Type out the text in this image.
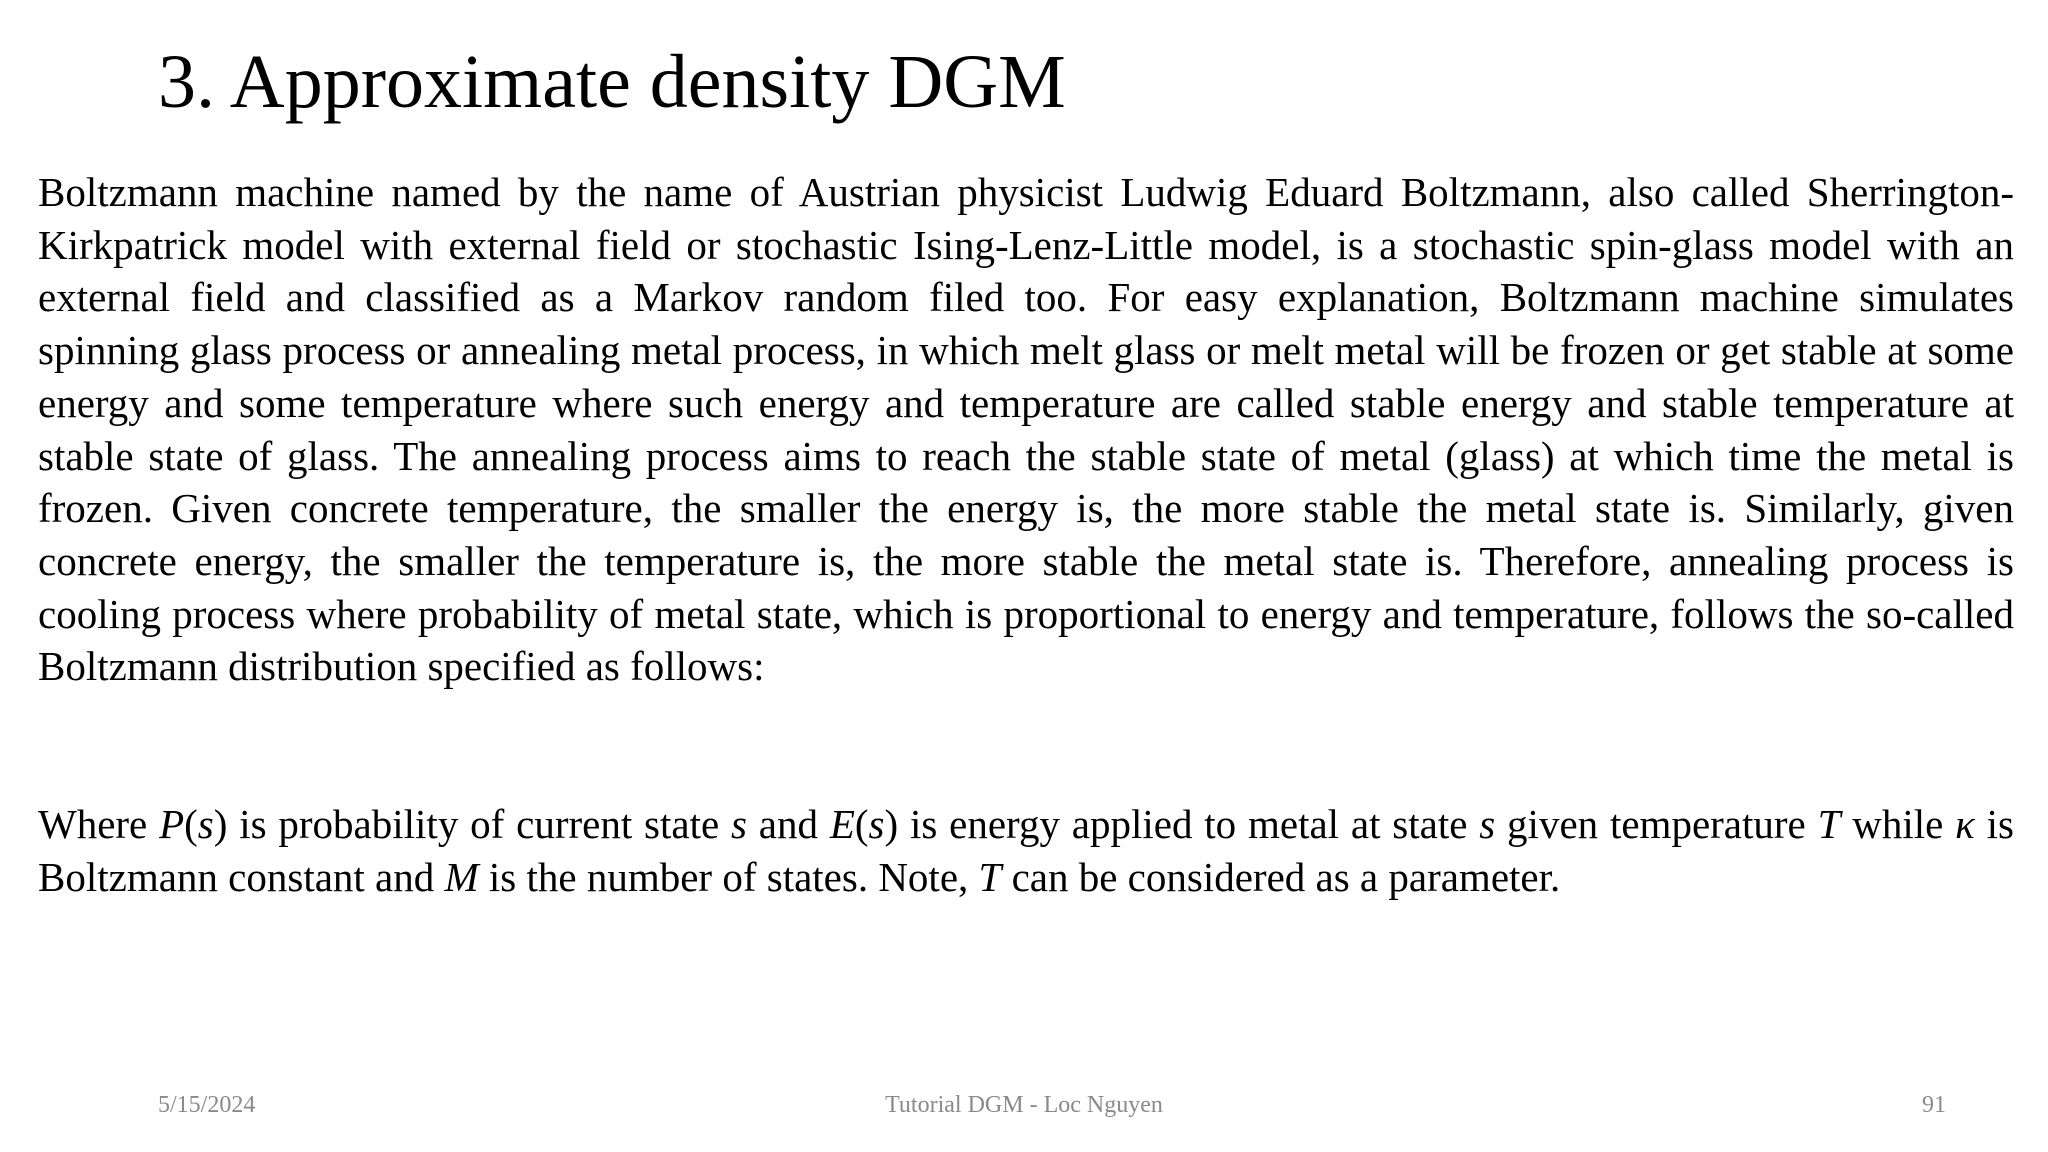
3. Approximate density DGM

Boltzmann machine named by the name of Austrian physicist Ludwig Eduard Boltzmann, also called Sherrington-Kirkpatrick model with external field or stochastic Ising-Lenz-Little model, is a stochastic spin-glass model with an external field and classified as a Markov random filed too. For easy explanation, Boltzmann machine simulates spinning glass process or annealing metal process, in which melt glass or melt metal will be frozen or get stable at some energy and some temperature where such energy and temperature are called stable energy and stable temperature at stable state of glass. The annealing process aims to reach the stable state of metal (glass) at which time the metal is frozen. Given concrete temperature, the smaller the energy is, the more stable the metal state is. Similarly, given concrete energy, the smaller the temperature is, the more stable the metal state is. Therefore, annealing process is cooling process where probability of metal state, which is proportional to energy and temperature, follows the so-called Boltzmann distribution specified as follows:

Where P(s) is probability of current state s and E(s) is energy applied to metal at state s given temperature T while κ is Boltzmann constant and M is the number of states. Note, T can be considered as a parameter.

5/15/2024	Tutorial DGM - Loc Nguyen	91
